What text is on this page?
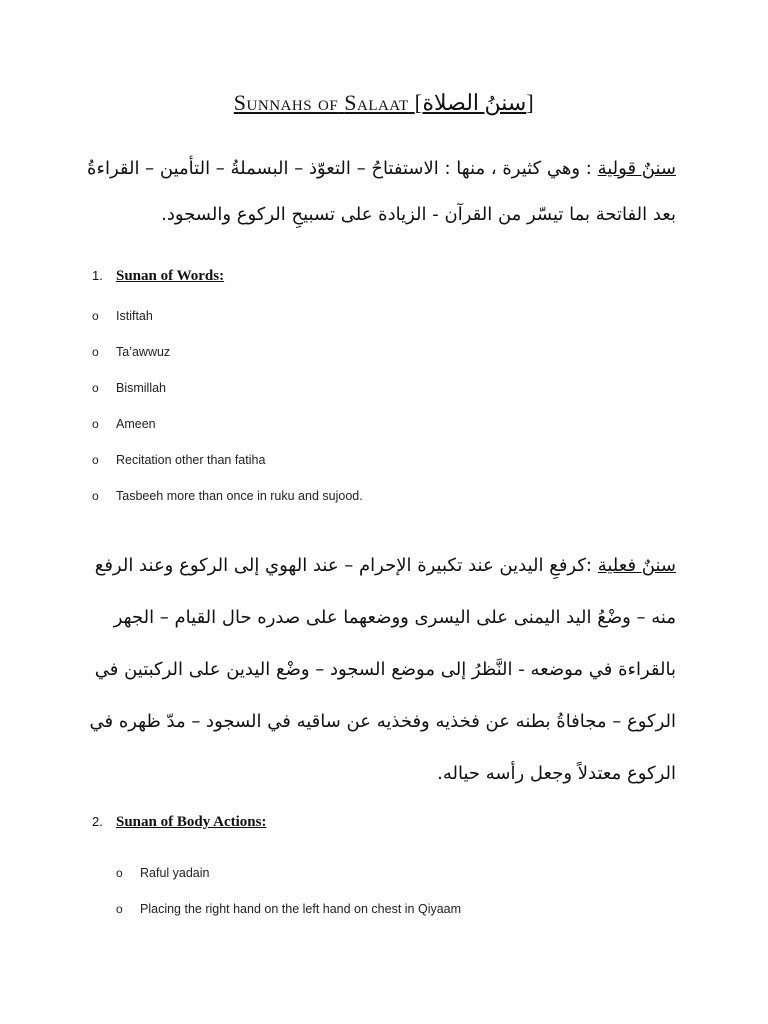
Sunnahs of Salaat [سننُ الصلاة]
سننٌ قولية : وهي كثيرة ، منها : الاستفتاحُ – التعوّذ – البسملةُ – التأمين – القراءةُ بعد الفاتحة بما تيسّر من القرآن - الزيادة على تسبيحِ الركوع والسجود.
1. Sunan of Words:
o Istiftah
o Ta’awwuz
o Bismillah
o Ameen
o Recitation other than fatiha
o Tasbeeh more than once in ruku and sujood.
سننٌ فعلية :كرفعِ اليدين عند تكبيرة الإحرام – عند الهوي إلى الركوع وعند الرفع منه – وضْعُ اليد اليمنى على اليسرى ووضعهما على صدره حال القيام – الجهر بالقراءة في موضعه - النَّظرُ إلى موضع السجود – وضْع اليدين على الركبتين في الركوع – مجافاةُ بطنه عن فخذيه وفخذيه عن ساقيه في السجود – مدّ ظهره في الركوع معتدلاً وجعل رأسه حياله.
2. Sunan of Body Actions:
o Raful yadain
o Placing the right hand on the left hand on chest in Qiyaam
